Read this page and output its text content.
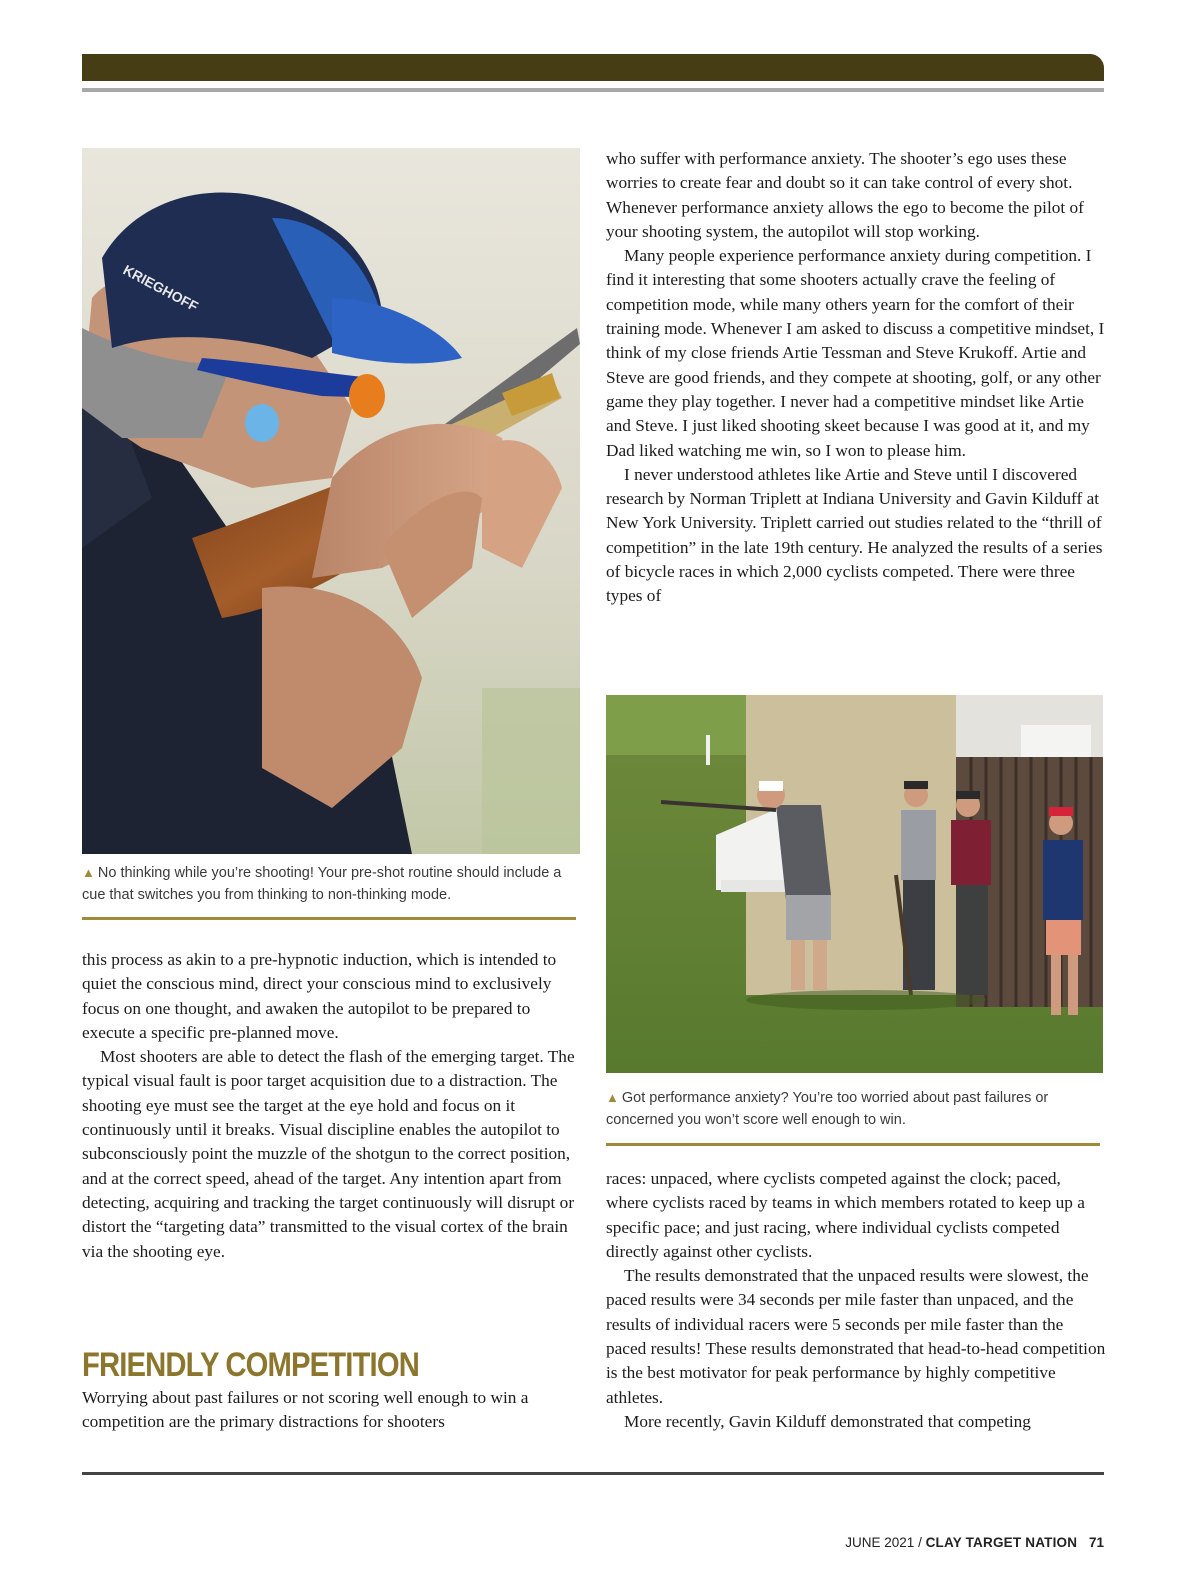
KRIEGHOFF
▲ No thinking while you’re shooting! Your pre-shot routine should include a cue that switches you from thinking to non-thinking mode.

who suffer with performance anxiety. The shooter’s ego uses these worries to create fear and doubt so it can take control of every shot. Whenever performance anxiety allows the ego to become the pilot of your shooting system, the autopilot will stop working.

Many people experience performance anxiety during competition. I find it interesting that some shooters actually crave the feeling of competition mode, while many others yearn for the comfort of their training mode. Whenever I am asked to discuss a competitive mindset, I think of my close friends Artie Tessman and Steve Krukoff. Artie and Steve are good friends, and they compete at shooting, golf, or any other game they play together. I never had a competitive mindset like Artie and Steve. I just liked shooting skeet because I was good at it, and my Dad liked watching me win, so I won to please him.

I never understood athletes like Artie and Steve until I discovered research by Norman Triplett at Indiana University and Gavin Kilduff at New York University. Triplett carried out studies related to the “thrill of competition” in the late 19th century. He analyzed the results of a series of bicycle races in which 2,000 cyclists competed. There were three types of

▲ Got performance anxiety? You’re too worried about past failures or concerned you won’t score well enough to win.

this process as akin to a pre-hypnotic induction, which is intended to quiet the conscious mind, direct your conscious mind to exclusively focus on one thought, and awaken the autopilot to be prepared to execute a specific pre-planned move.

Most shooters are able to detect the flash of the emerging target. The typical visual fault is poor target acquisition due to a distraction. The shooting eye must see the target at the eye hold and focus on it continuously until it breaks. Visual discipline enables the autopilot to subconsciously point the muzzle of the shotgun to the correct position, and at the correct speed, ahead of the target. Any intention apart from detecting, acquiring and tracking the target continuously will disrupt or distort the “targeting data” transmitted to the visual cortex of the brain via the shooting eye.

FRIENDLY COMPETITION

Worrying about past failures or not scoring well enough to win a competition are the primary distractions for shooters

races: unpaced, where cyclists competed against the clock; paced, where cyclists raced by teams in which members rotated to keep up a specific pace; and just racing, where individual cyclists competed directly against other cyclists.

The results demonstrated that the unpaced results were slowest, the paced results were 34 seconds per mile faster than unpaced, and the results of individual racers were 5 seconds per mile faster than the paced results! These results demonstrated that head-to-head competition is the best motivator for peak performance by highly competitive athletes.

More recently, Gavin Kilduff demonstrated that competing

JUNE 2021 / CLAY TARGET NATION 71
